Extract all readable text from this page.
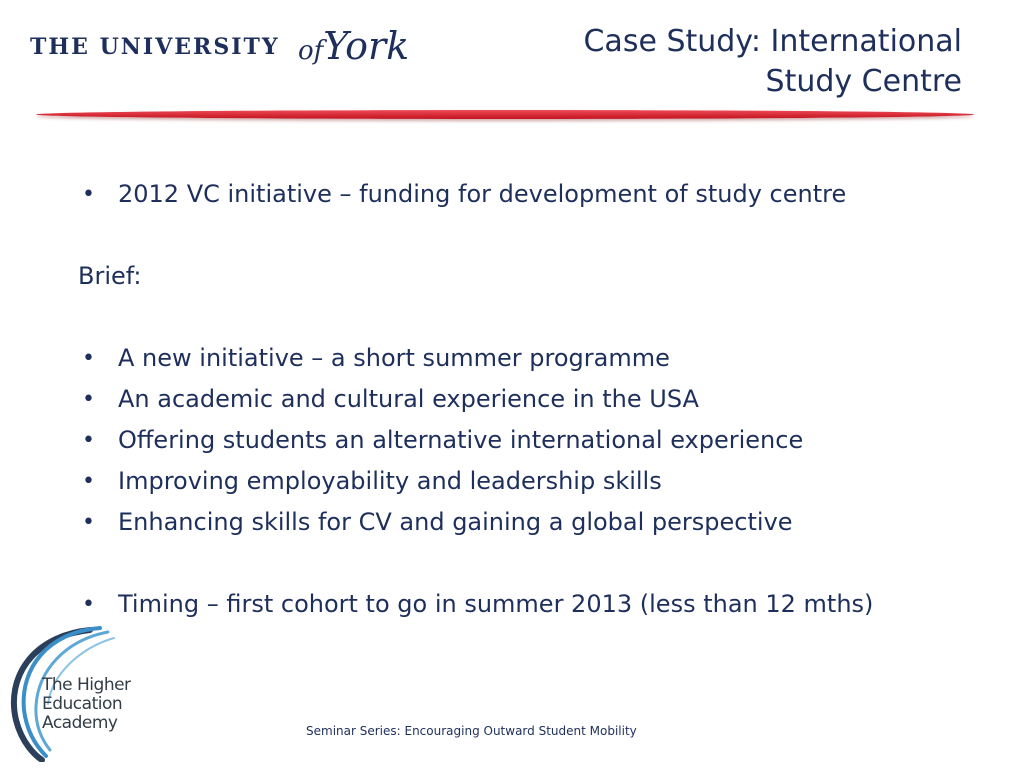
THE UNIVERSITY ofYork	Case Study: International
Study Centre
• 2012 VC initiative – funding for development of study centre
Brief:
• A new initiative – a short summer programme
• An academic and cultural experience in the USA
• Offering students an alternative international experience
• Improving employability and leadership skills
• Enhancing skills for CV and gaining a global perspective
• Timing – first cohort to go in summer 2013 (less than 12 mths)
The Higher
Education
Academy	Seminar Series: Encouraging Outward Student Mobility
